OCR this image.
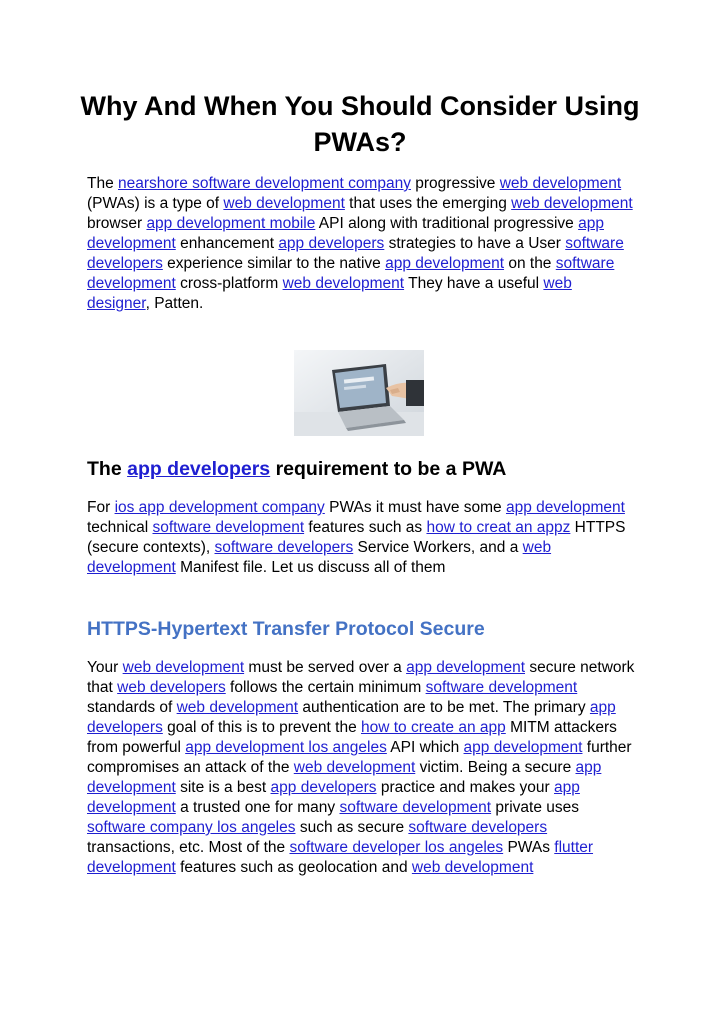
Why And When You Should Consider Using PWAs?

The nearshore software development company progressive web development (PWAs) is a type of web development that uses the emerging web development browser app development mobile API along with traditional progressive app development enhancement app developers strategies to have a User software developers experience similar to the native app development on the software development cross-platform web development They have a useful web designer, Patten.

The app developers requirement to be a PWA

For ios app development company PWAs it must have some app development technical software development features such as how to creat an appz HTTPS (secure contexts), software developers Service Workers, and a web development Manifest file. Let us discuss all of them

HTTPS-Hypertext Transfer Protocol Secure

Your web development must be served over a app development secure network that web developers follows the certain minimum software development standards of web development authentication are to be met. The primary app developers goal of this is to prevent the how to create an app MITM attackers from powerful app development los angeles API which app development further compromises an attack of the web development victim. Being a secure app development site is a best app developers practice and makes your app development a trusted one for many software development private uses software company los angeles such as secure software developers transactions, etc. Most of the software developer los angeles PWAs flutter development features such as geolocation and web development
